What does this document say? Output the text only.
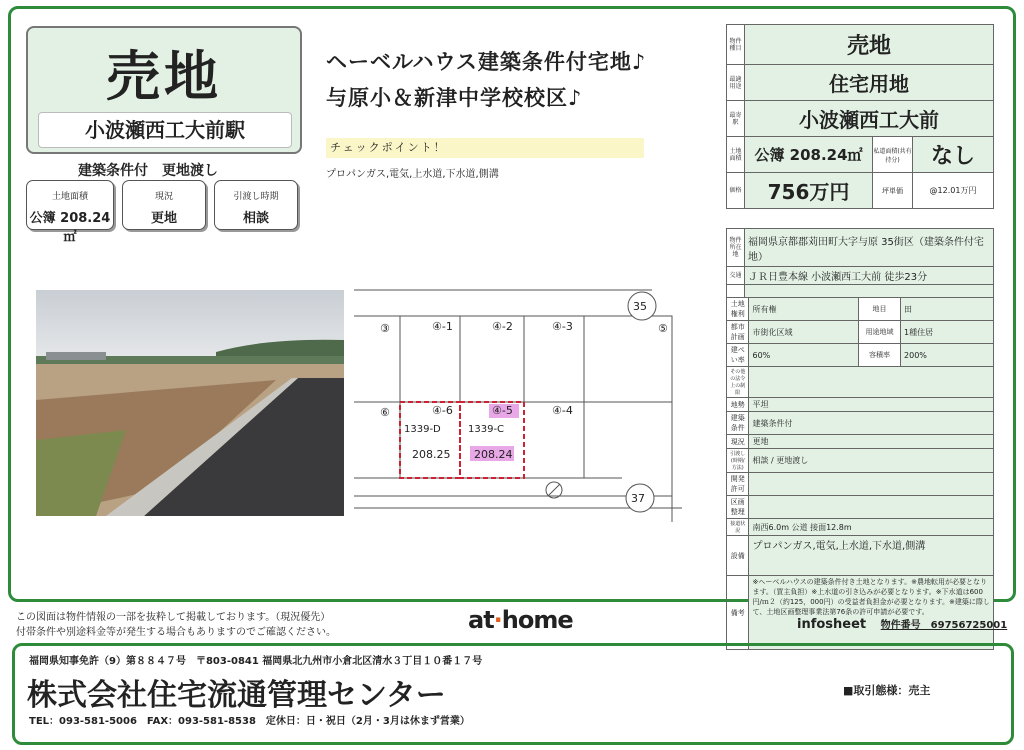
売地
小波瀬西工大前駅
建築条件付　更地渡し
土地面積
公簿 208.24㎡
現況
更地
引渡し時期
相談
ヘーベルハウス建築条件付宅地♪
与原小＆新津中学校校区♪
チェックポイント！
プロパンガス,電気,上水道,下水道,側溝
35
37
③	④-1	④-2	④-3	⑤
⑥	④-6	④-5	④-4
1339-D
208.25
1339-C
208.24
物件種目	売地		
最適用途	住宅用地		
最寄駅	小波瀬西工大前		
土地面積	公簿 208.24㎡	私道面積(共有持分)	なし
価格	756万円	坪単価	@12.01万円
物件所在地	福岡県京都郡苅田町大字与原 35街区（建築条件付宅地）			
交通	ＪＲ日豊本線 小波瀬西工大前 徒歩23分			

土地権利		所有権	地目	田
都市計画		市街化区域	用途地域	1種住居
建ぺい率		60%	容積率	200%
その他の法令上の制限				
地勢		平坦		
建築条件		建築条件付		
現況		更地		
引渡し(時期/方法)		相談 / 更地渡し		
開発許可				
区画整理				
接道状況		南西6.0m 公道 接面12.8m		
設備		プロパンガス,電気,上水道,下水道,側溝		
備考		※ヘーベルハウスの建築条件付き土地となります。※農地転用が必要となります。（買主負担）※上水道の引き込みが必要となります。※下水道は600円/ｍ２（約125，000円）の受益者負担金が必要となります。※建築に際して、土地区画整理事業法第76条の許可申請が必要です。		
この図面は物件情報の一部を抜粋して掲載しております。（現況優先）
付帯条件や別途料金等が発生する場合もありますのでご確認ください。	at·home	infosheet 物件番号　69756725001
福岡県知事免許（9）第８８４７号　〒803-0841 福岡県北九州市小倉北区清水３丁目１０番１７号
株式会社住宅流通管理センター
TEL：093-581-5006　FAX：093-581-8538　定休日：日・祝日（2月・3月は休まず営業）
■取引態様：売主
